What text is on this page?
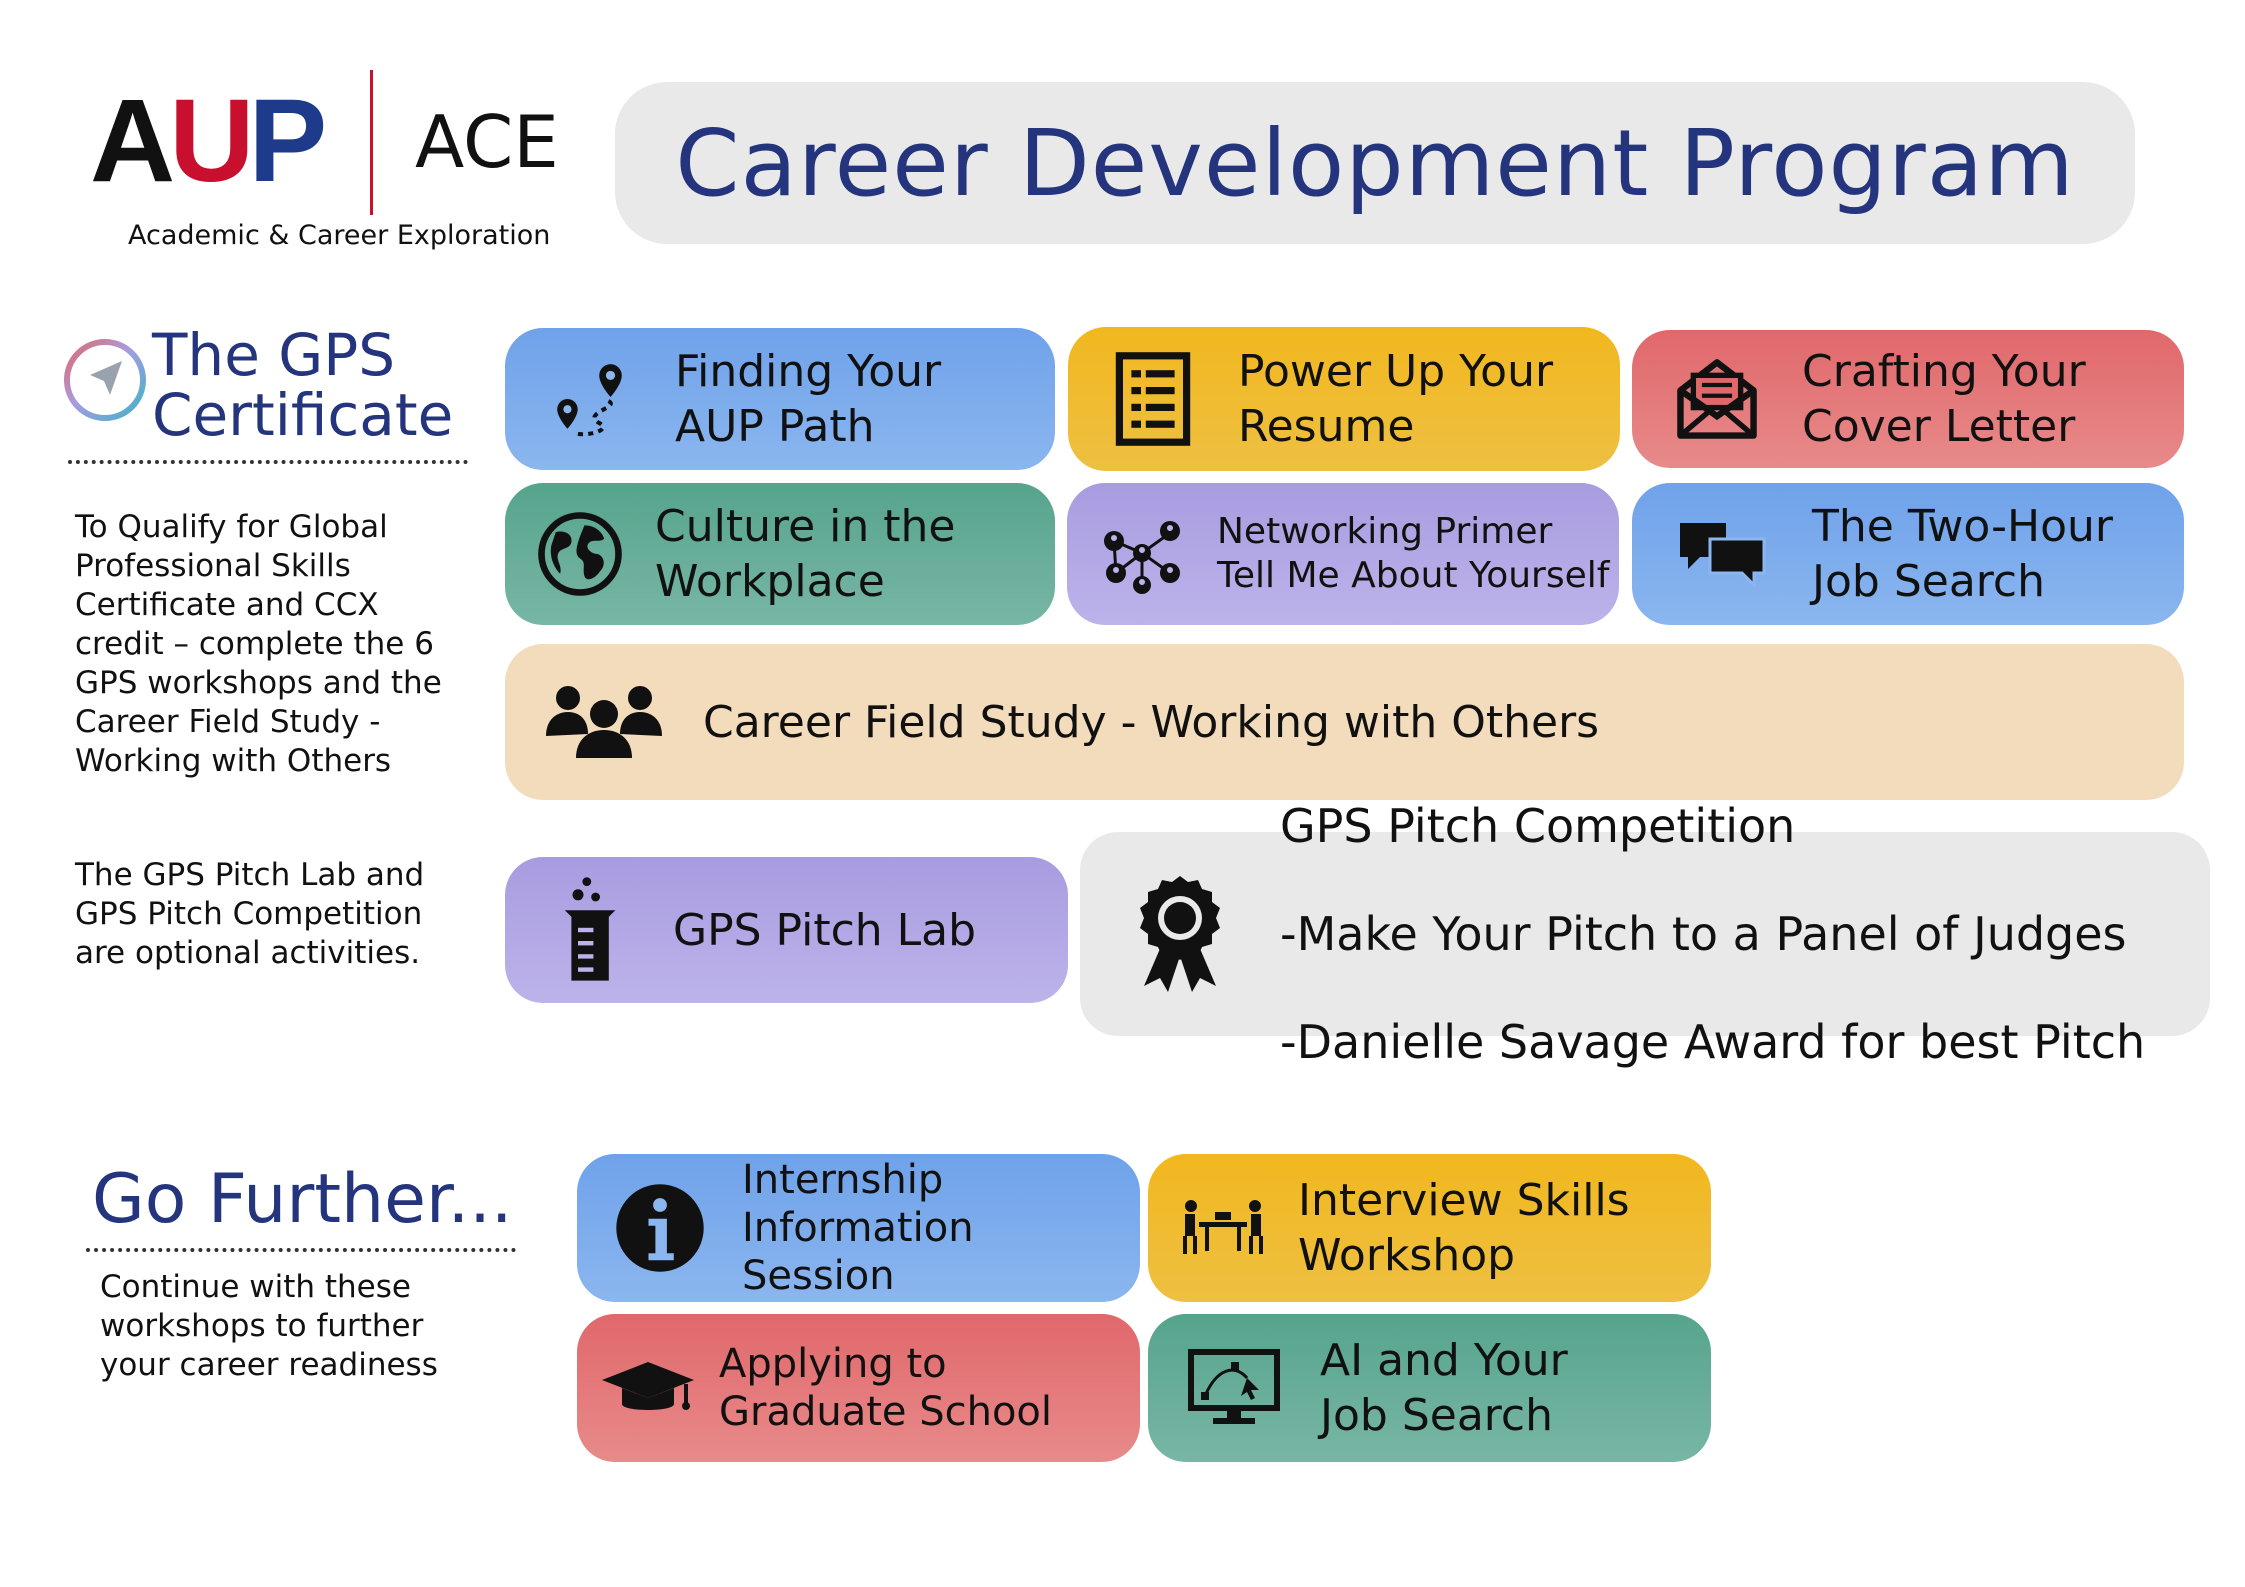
AUP ACE
Academic & Career Exploration
Career Development Program
The GPS
Certificate
To Qualify for Global Professional Skills Certificate and CCX credit – complete the 6 GPS workshops and the Career Field Study - Working with Others
The GPS Pitch Lab and GPS Pitch Competition are optional activities.
Finding Your
AUP Path
Power Up Your
Resume
Crafting Your
Cover Letter
Culture in the
Workplace
Networking Primer
Tell Me About Yourself
The Two-Hour
Job Search
Career Field Study - Working with Others
GPS Pitch Lab

GPS Pitch Competition

-Make Your Pitch to a Panel of Judges

-Danielle Savage Award for best Pitch

Go Further...
Continue with these workshops to further your career readiness
Internship
Information
Session
Interview Skills
Workshop
Applying to
Graduate School
AI and Your
Job Search
